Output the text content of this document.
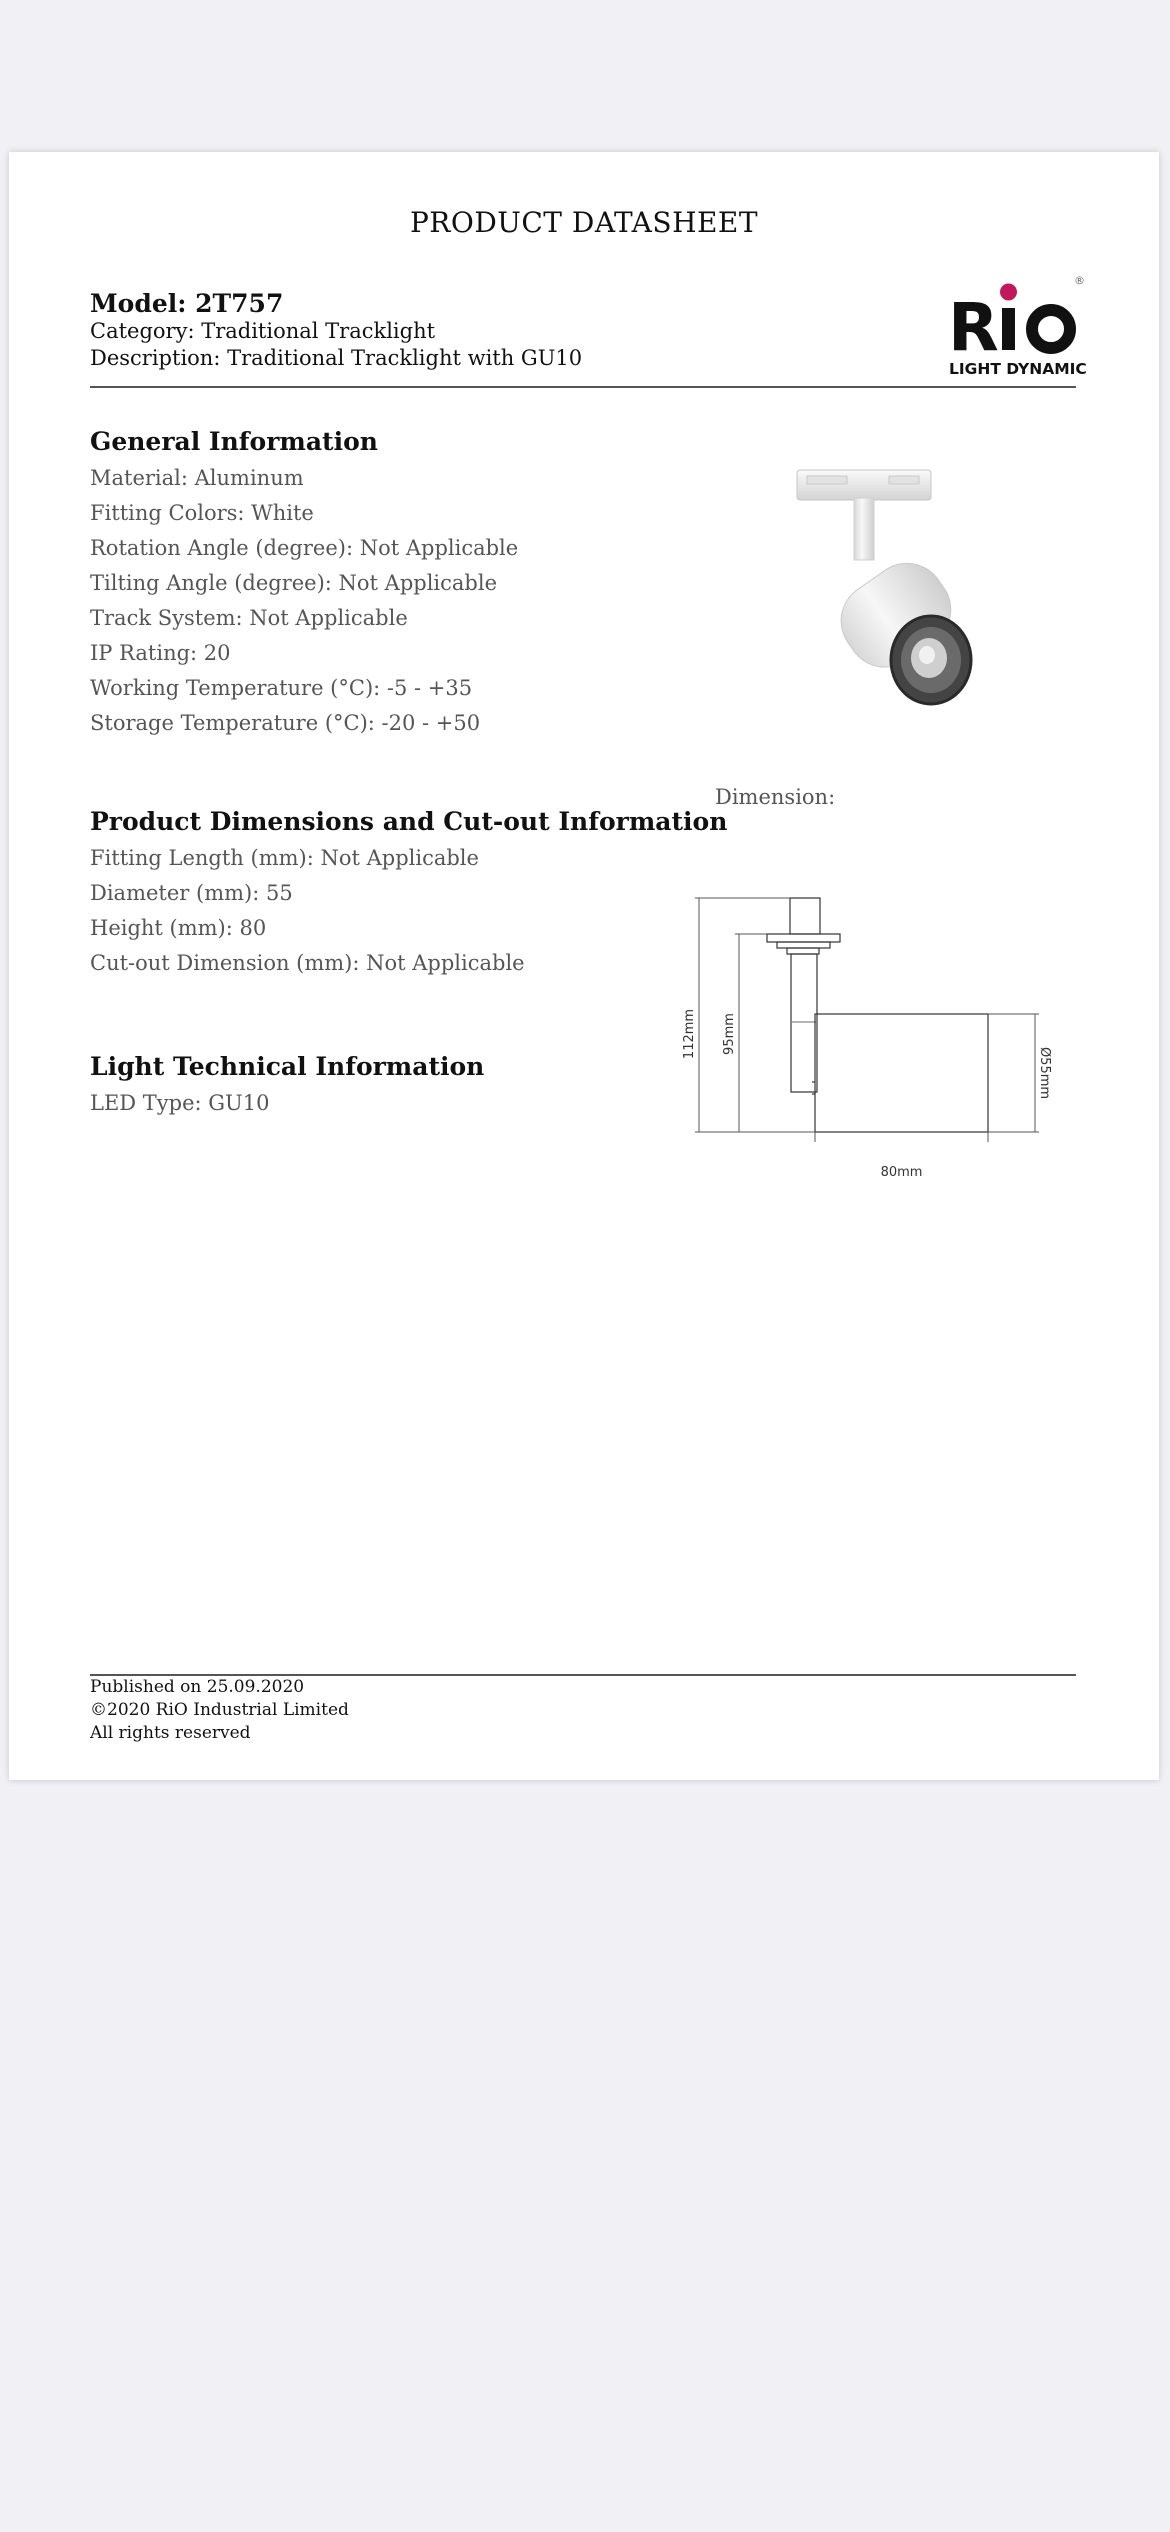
PRODUCT DATASHEET
Model: 2T757
Category: Traditional Tracklight
Description: Traditional Tracklight with GU10	R
®
LIGHT DYNAMIC
General Information
Material: Aluminum
Fitting Colors: White
Rotation Angle (degree): Not Applicable
Tilting Angle (degree): Not Applicable
Track System: Not Applicable
IP Rating: 20
Working Temperature (°C): -5 - +35
Storage Temperature (°C): -20 - +50
Dimension:
112mm 95mm
Ø55mm
80mm
Product Dimensions and Cut-out Information
Fitting Length (mm): Not Applicable
Diameter (mm): 55
Height (mm): 80
Cut-out Dimension (mm): Not Applicable
Light Technical Information
LED Type: GU10
Published on 25.09.2020
©2020 RiO Industrial Limited
All rights reserved
